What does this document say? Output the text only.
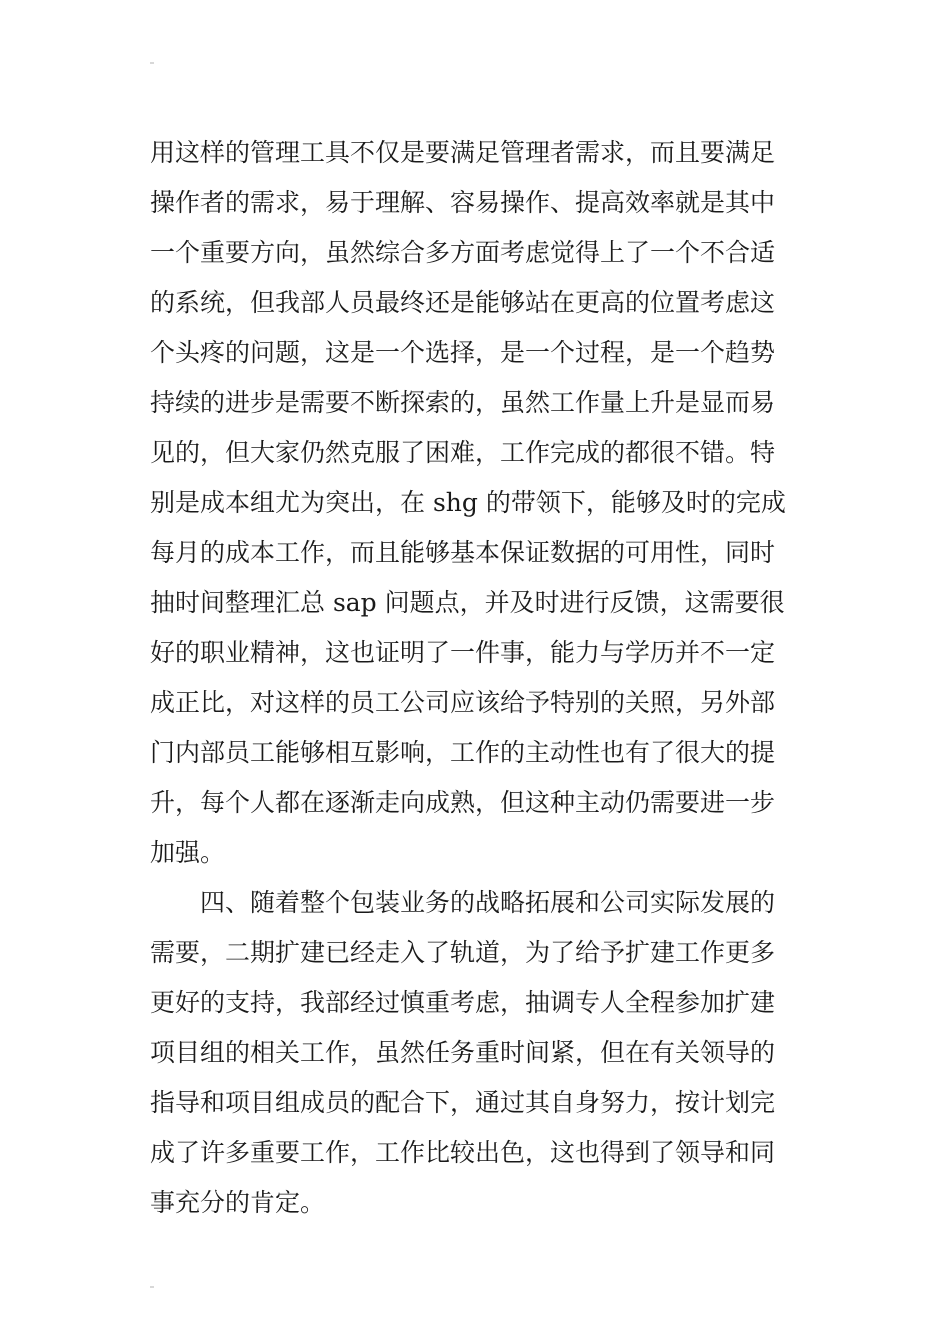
用这样的管理工具不仅是要满足管理者需求，而且要满足
操作者的需求，易于理解、容易操作、提高效率就是其中
一个重要方向，虽然综合多方面考虑觉得上了一个不合适
的系统，但我部人员最终还是能够站在更高的位置考虑这
个头疼的问题，这是一个选择，是一个过程，是一个趋势
持续的进步是需要不断探索的，虽然工作量上升是显而易
见的，但大家仍然克服了困难，工作完成的都很不错。特
别是成本组尤为突出，在 shg 的带领下，能够及时的完成
每月的成本工作，而且能够基本保证数据的可用性，同时
抽时间整理汇总 sap 问题点，并及时进行反馈，这需要很
好的职业精神，这也证明了一件事，能力与学历并不一定
成正比，对这样的员工公司应该给予特别的关照，另外部
门内部员工能够相互影响，工作的主动性也有了很大的提
升，每个人都在逐渐走向成熟，但这种主动仍需要进一步
加强。
四、随着整个包装业务的战略拓展和公司实际发展的
需要，二期扩建已经走入了轨道，为了给予扩建工作更多
更好的支持，我部经过慎重考虑，抽调专人全程参加扩建
项目组的相关工作，虽然任务重时间紧，但在有关领导的
指导和项目组成员的配合下，通过其自身努力，按计划完
成了许多重要工作，工作比较出色，这也得到了领导和同
事充分的肯定。
